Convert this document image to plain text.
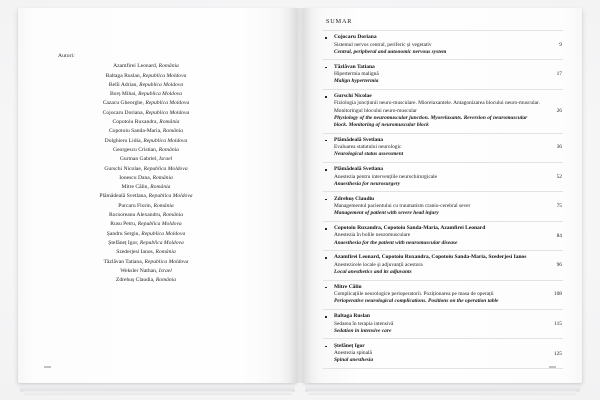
Autori:
Azamfirei Leonard, România
Baltaga Ruslan, Republica Moldova
Belîi Adrian, Republica Moldova
Borș Mihai, Republica Moldova
Cazacu Gheorghe, Republica Moldova
Cojocaru Doriana, Republica Moldova
Copotoiu Ruxandra, România
Copotoiu Sanda-Maria, România
Dolghieru Lidia, Republica Moldova
Georgescu Cristian, România
Gurman Gabriel, Israel
Gurschi Nicolae, Republica Moldova
Ionescu Dana, România
Mitre Călin, România
Plămădeală Svetlana, Republica Moldova
Purcaru Florin, România
Rocsoreanu Alexandru, România
Rusu Petru, Republica Moldova
Șandru Sergiu, Republica Moldova
Ștefăneț Igor, Republica Moldova
Szederjesi Ianos, România
Tăzlăvan Tatiana, Republica Moldova
Weksler Nathan, Israel
Zdrehuș Claudia, România
SUMAR
Cojocaru Doriana
Sistemul nervos central, periferic și vegetativ
Central, peripheral and autonomic nervous system
9
Tăzlăvan Tatiana
Hipertermia malignă
Malign hypertermia
17
Gurschi Nicolae
Fiziologia joncțiunii neuro-musculare. Miorelaxantele. Antagonizarea blocului neuro-muscular. Monitoringul blocului neuro-muscular
Physiology of the neuromuscular junction. Myorelaxants. Reversion of neuromuscular block. Monitoring of neuromuscular block
26
Plămădeală Svetlana
Evaluarea statutului neurologic
Neurological status assessment
36
Plămădeală Svetlana
Anestezia pentru intervențiile neurochirurgicale
Anaesthesia for neurosurgery
52
Zdrehuș Claudiu
Managementul pacientului cu traumatism cranio-cerebral sever
Management of patient with severe head injury
75
Copotoiu Ruxandra, Copotoiu Sanda-Maria, Azamfirei Leonard
Anestezia în bolile neuromusculare
Anaesthesia for the patient with neuromuscular disease
84
Azamfirei Leonard, Copotoiu Ruxandra, Copotoiu Sanda-Maria, Szederjesi Ianos
Anestezicele locale și adjuvanții acestora
Local anesthetics and its adjuvants
96
Mitre Călin
Complicațiile neurologice perioperatorii. Poziționarea pe masa de operații
Perioperative neurological complications. Positions on the operation table
108
Baltaga Ruslan
Sedarea în terapia intensivă
Sedation in intensive care
115
Ștefăneț Igor
Anestezia spinală
Spinal anesthesia
125
